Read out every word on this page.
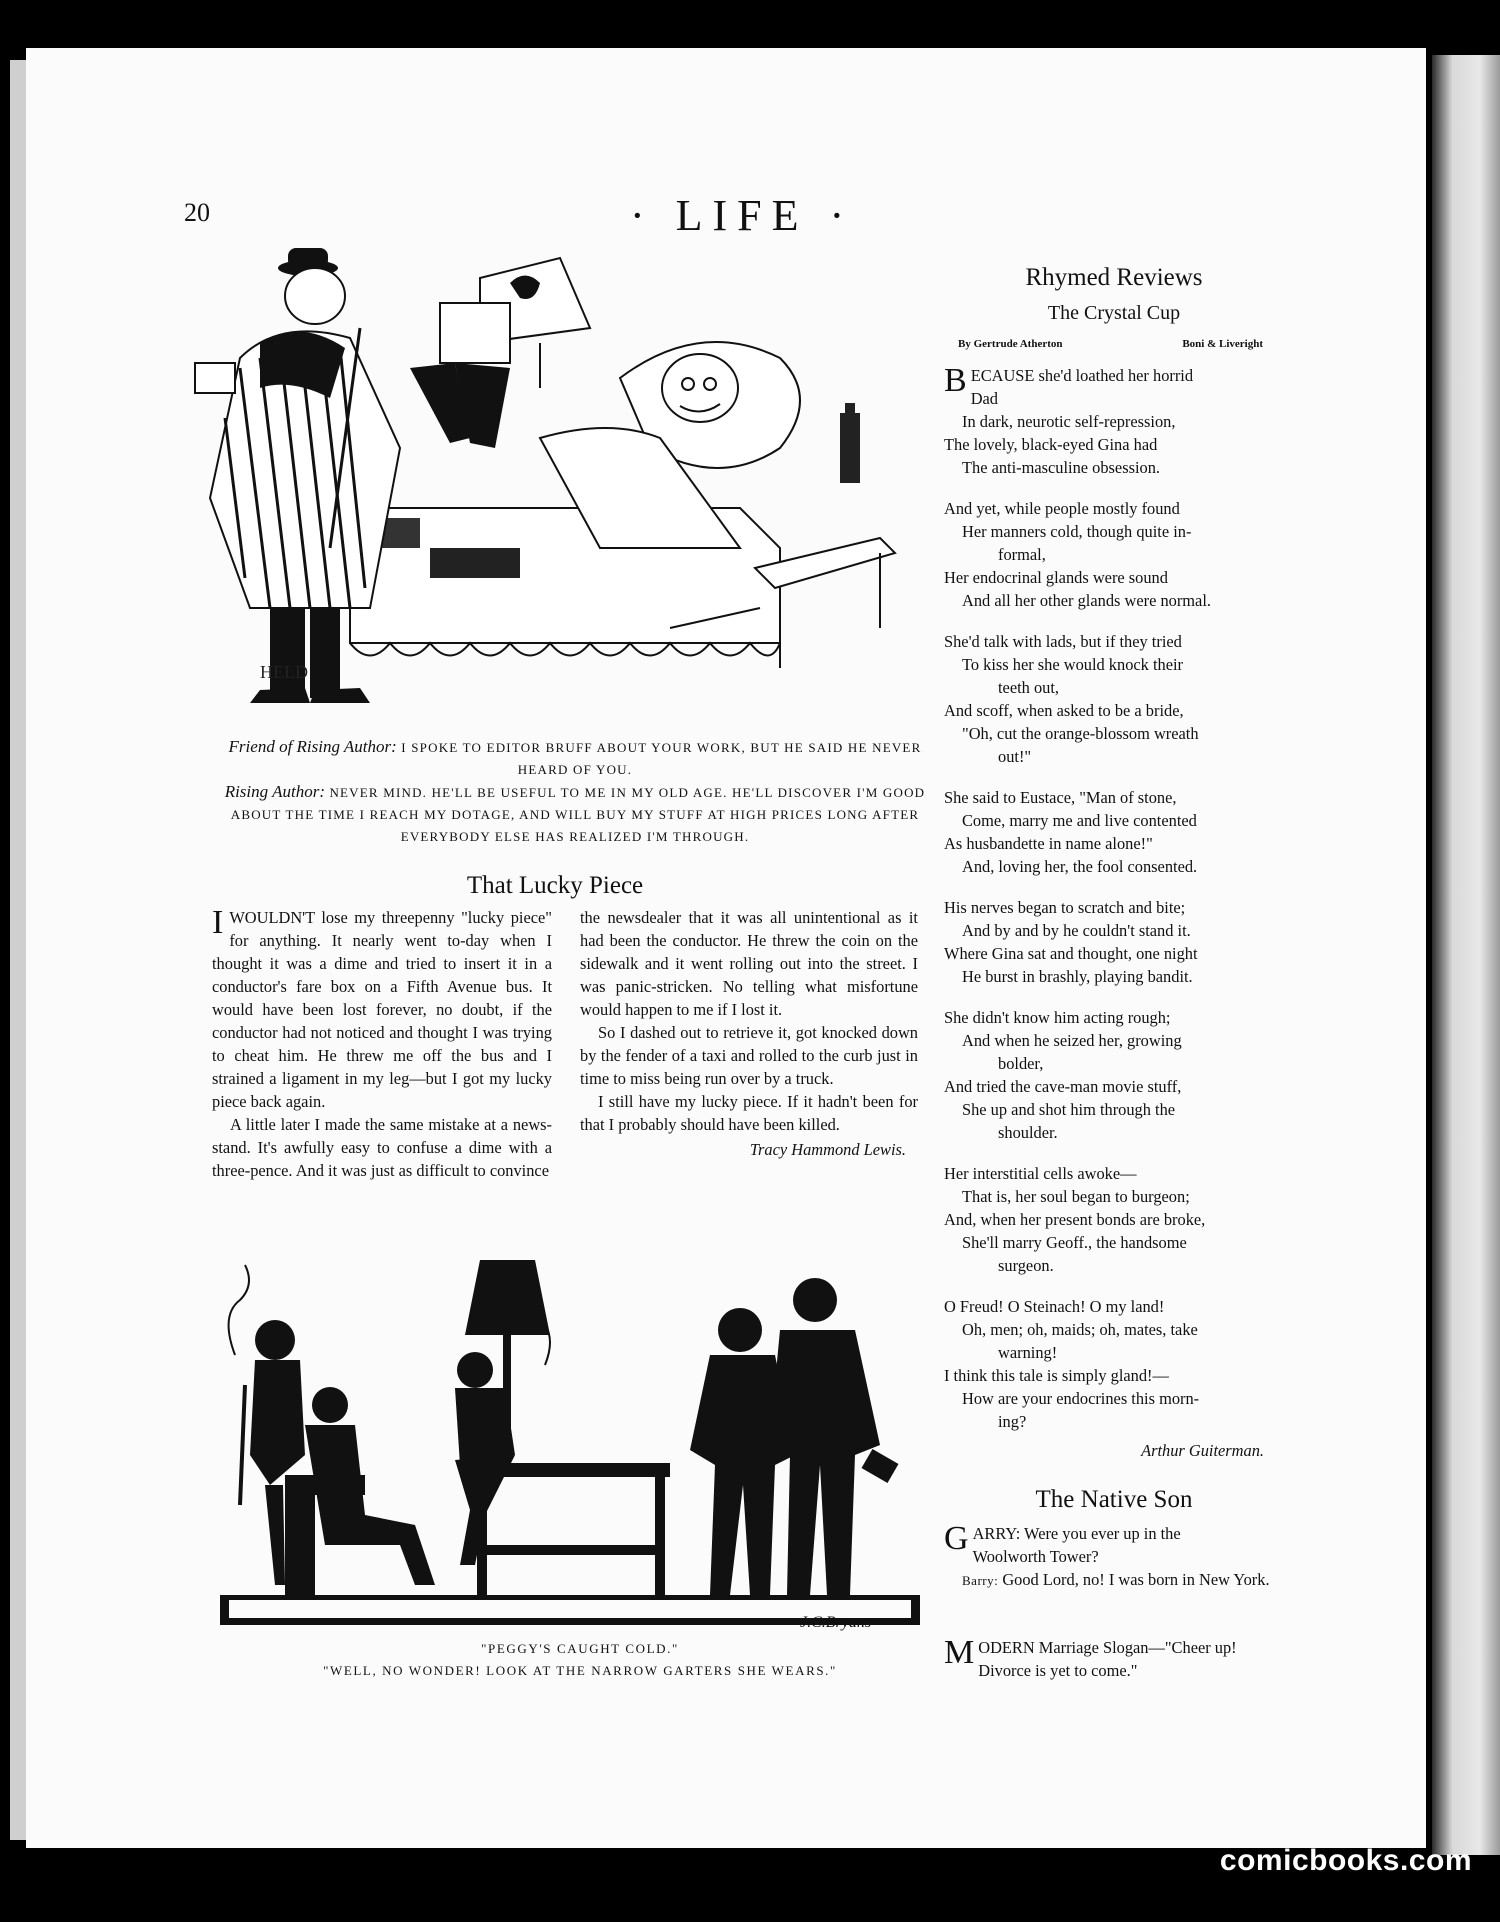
20	· LIFE ·
HELD
Friend of Rising Author: I SPOKE TO EDITOR BRUFF ABOUT YOUR WORK, BUT HE SAID HE NEVER HEARD OF YOU.
Rising Author: NEVER MIND. HE'LL BE USEFUL TO ME IN MY OLD AGE. HE'LL DISCOVER I'M GOOD ABOUT THE TIME I REACH MY DOTAGE, AND WILL BUY MY STUFF AT HIGH PRICES LONG AFTER EVERYBODY ELSE HAS REALIZED I'M THROUGH.
That Lucky Piece

IWOULDN'T lose my threepenny "lucky piece" for anything. It nearly went to-day when I thought it was a dime and tried to insert it in a conductor's fare box on a Fifth Avenue bus. It would have been lost forever, no doubt, if the conductor had not noticed and thought I was trying to cheat him. He threw me off the bus and I strained a ligament in my leg—but I got my lucky piece back again.

A little later I made the same mistake at a news-stand. It's awfully easy to confuse a dime with a three-pence. And it was just as difficult to convince

the newsdealer that it was all unintentional as it had been the conductor. He threw the coin on the sidewalk and it went rolling out into the street. I was panic-stricken. No telling what misfortune would happen to me if I lost it.

So I dashed out to retrieve it, got knocked down by the fender of a taxi and rolled to the curb just in time to miss being run over by a truck.

I still have my lucky piece. If it hadn't been for that I probably should have been killed.

Tracy Hammond Lewis.
J.C.Bryans
"PEGGY'S CAUGHT COLD."
"WELL, NO WONDER! LOOK AT THE NARROW GARTERS SHE WEARS."
Rhymed Reviews
The Crystal Cup
By Gertrude Atherton	Boni & Liveright
BECAUSE she'd loathed her horrid
Dad
In dark, neurotic self-repression,
The lovely, black-eyed Gina had
The anti-masculine obsession.
And yet, while people mostly found
Her manners cold, though quite in-
formal,
Her endocrinal glands were sound
And all her other glands were normal.
She'd talk with lads, but if they tried
To kiss her she would knock their
teeth out,
And scoff, when asked to be a bride,
"Oh, cut the orange-blossom wreath
out!"
She said to Eustace, "Man of stone,
Come, marry me and live contented
As husbandette in name alone!"
And, loving her, the fool consented.
His nerves began to scratch and bite;
And by and by he couldn't stand it.
Where Gina sat and thought, one night
He burst in brashly, playing bandit.
She didn't know him acting rough;
And when he seized her, growing
bolder,
And tried the cave-man movie stuff,
She up and shot him through the
shoulder.
Her interstitial cells awoke—
That is, her soul began to burgeon;
And, when her present bonds are broke,
She'll marry Geoff., the handsome
surgeon.
O Freud! O Steinach! O my land!
Oh, men; oh, maids; oh, mates, take
warning!
I think this tale is simply gland!—
How are your endocrines this morn-
ing?
Arthur Guiterman.
The Native Son
GARRY: Were you ever up in the
Woolworth Tower?
Barry: Good Lord, no! I was born in New York.
MODERN Marriage Slogan—"Cheer up! Divorce is yet to come."
comicbooks.com
